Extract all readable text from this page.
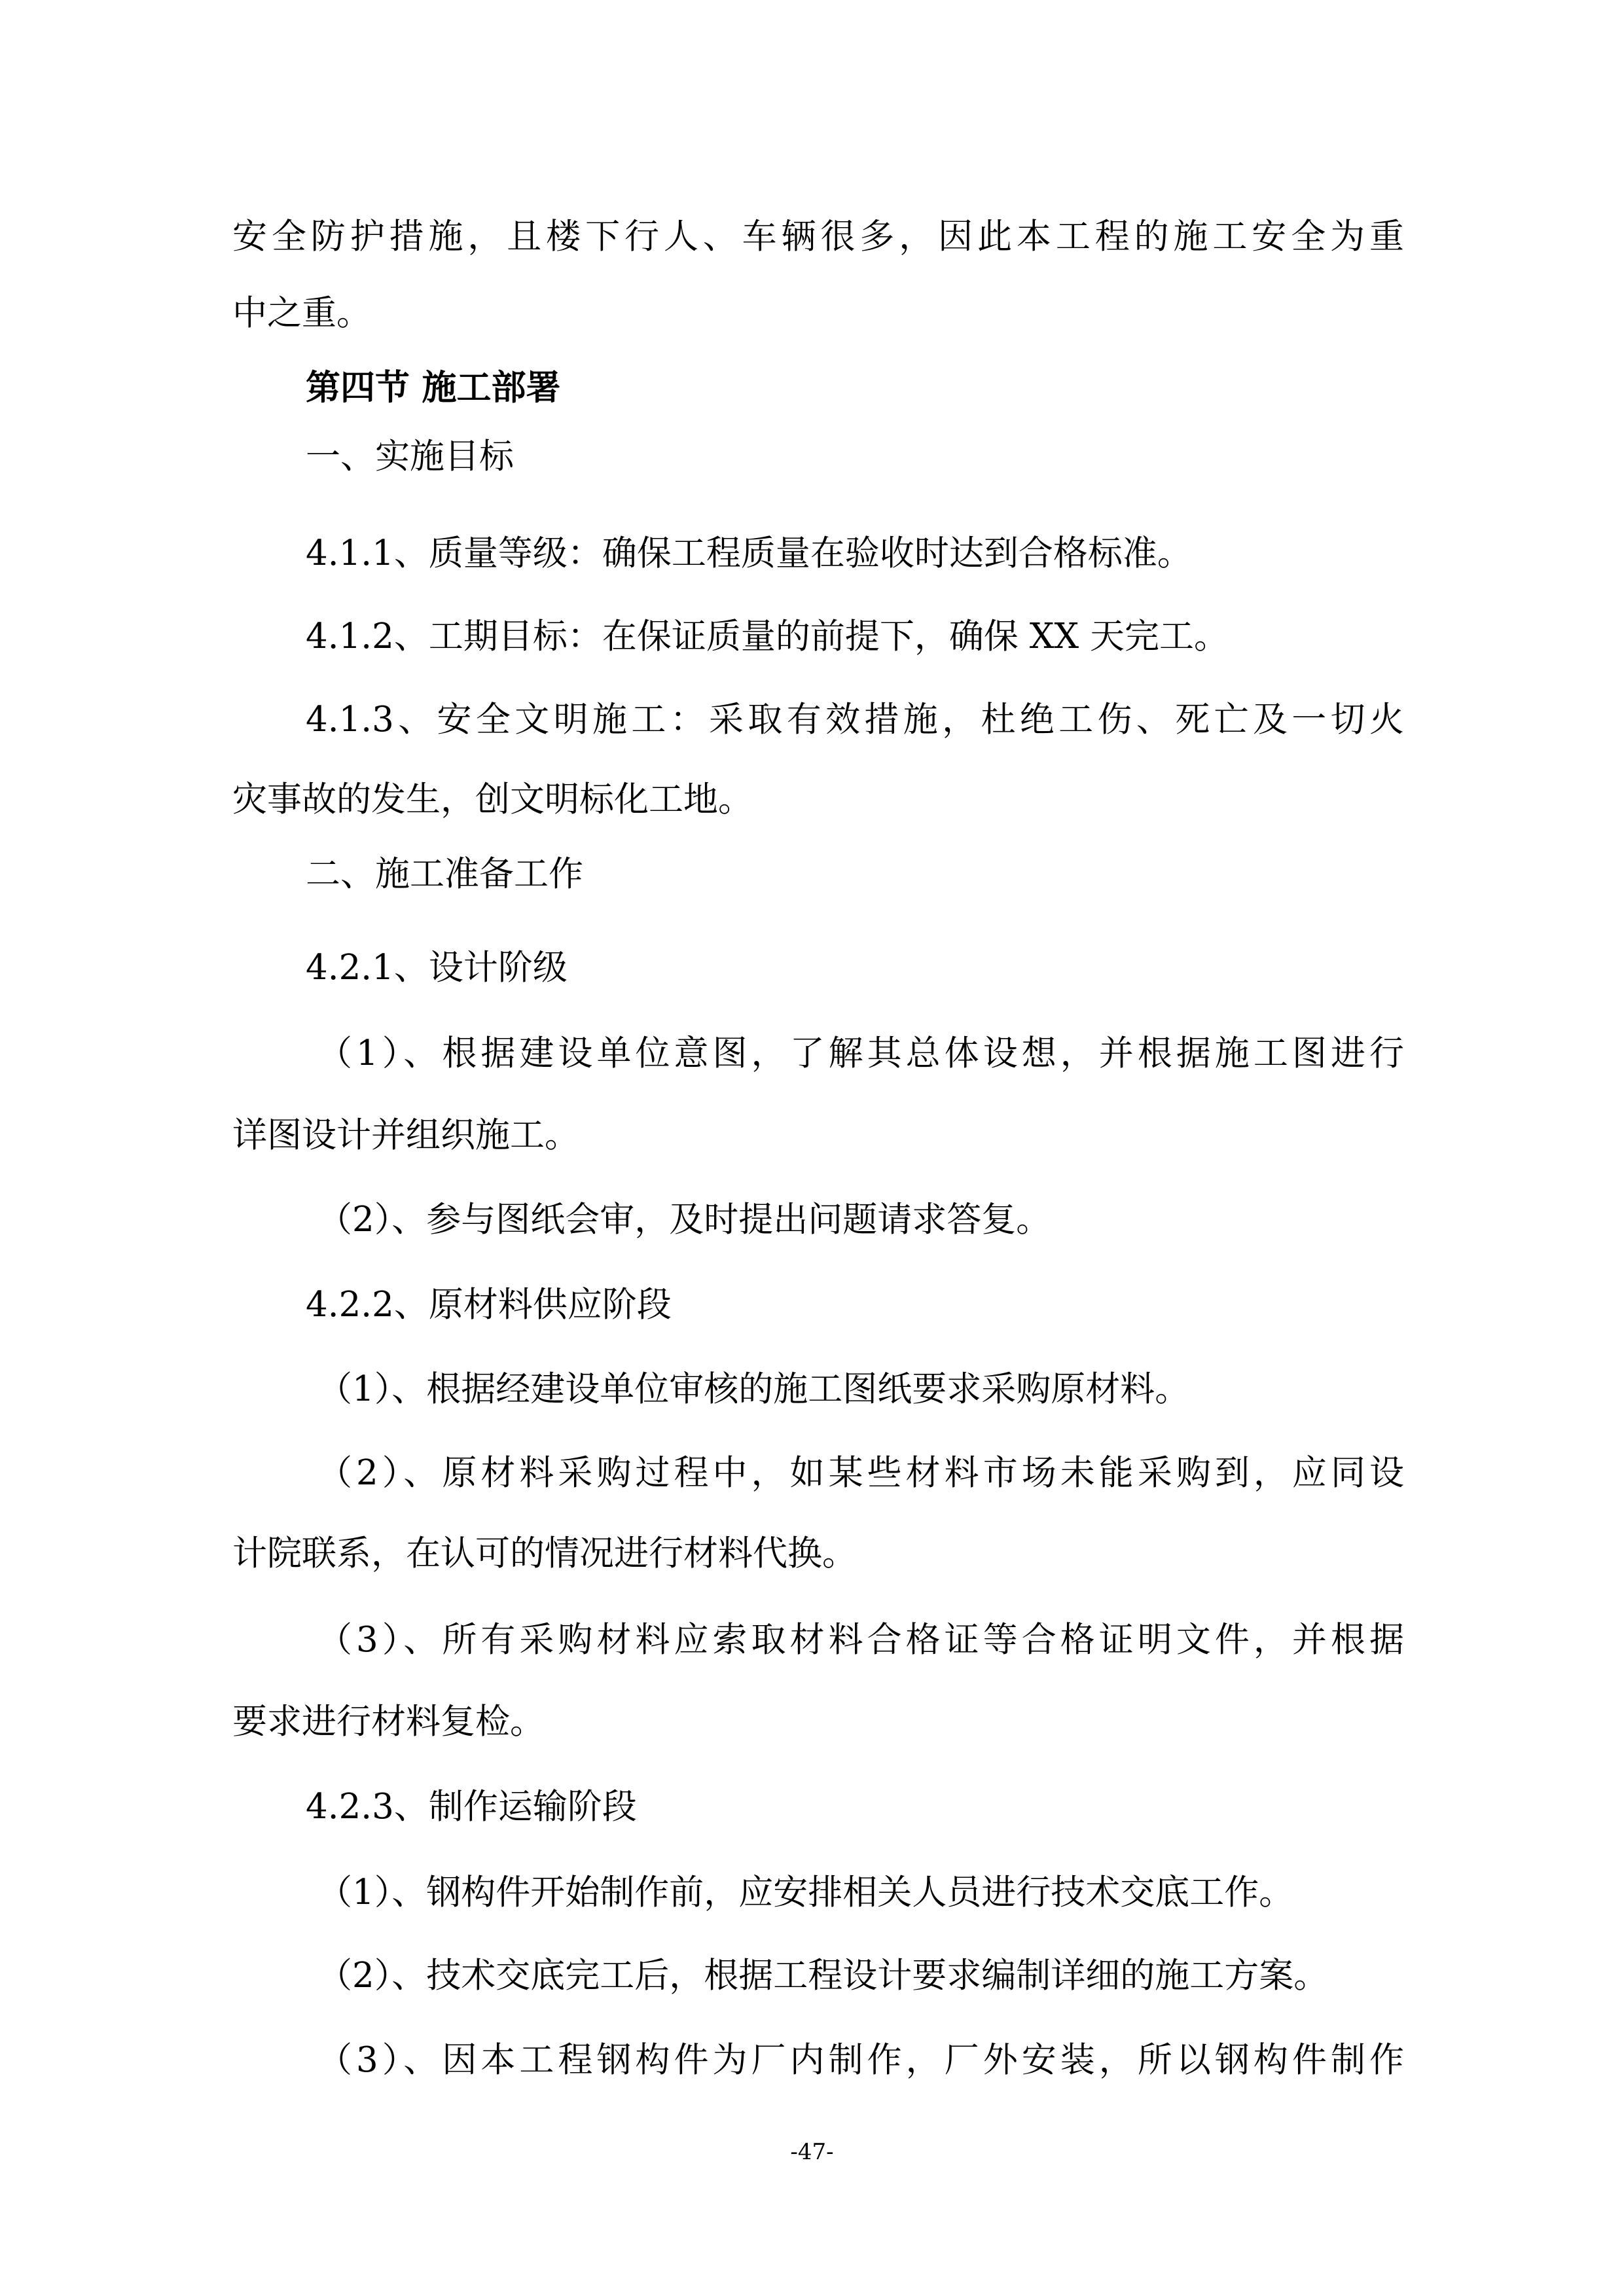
安全防护措施，且楼下行人、车辆很多，因此本工程的施工安全为重

中之重。

第四节 施工部署

一、实施目标

4.1.1、质量等级：确保工程质量在验收时达到合格标准。

4.1.2、工期目标：在保证质量的前提下，确保 XX 天完工。

4.1.3、安全文明施工：采取有效措施，杜绝工伤、死亡及一切火

灾事故的发生，创文明标化工地。

二、施工准备工作

4.2.1、设计阶级

（1）、根据建设单位意图，了解其总体设想，并根据施工图进行

详图设计并组织施工。

（2）、参与图纸会审，及时提出问题请求答复。

4.2.2、原材料供应阶段

（1）、根据经建设单位审核的施工图纸要求采购原材料。

（2）、原材料采购过程中，如某些材料市场未能采购到，应同设

计院联系，在认可的情况进行材料代换。

（3）、所有采购材料应索取材料合格证等合格证明文件，并根据

要求进行材料复检。

4.2.3、制作运输阶段

（1）、钢构件开始制作前，应安排相关人员进行技术交底工作。

（2）、技术交底完工后，根据工程设计要求编制详细的施工方案。

（3）、因本工程钢构件为厂内制作，厂外安装，所以钢构件制作

-47-
